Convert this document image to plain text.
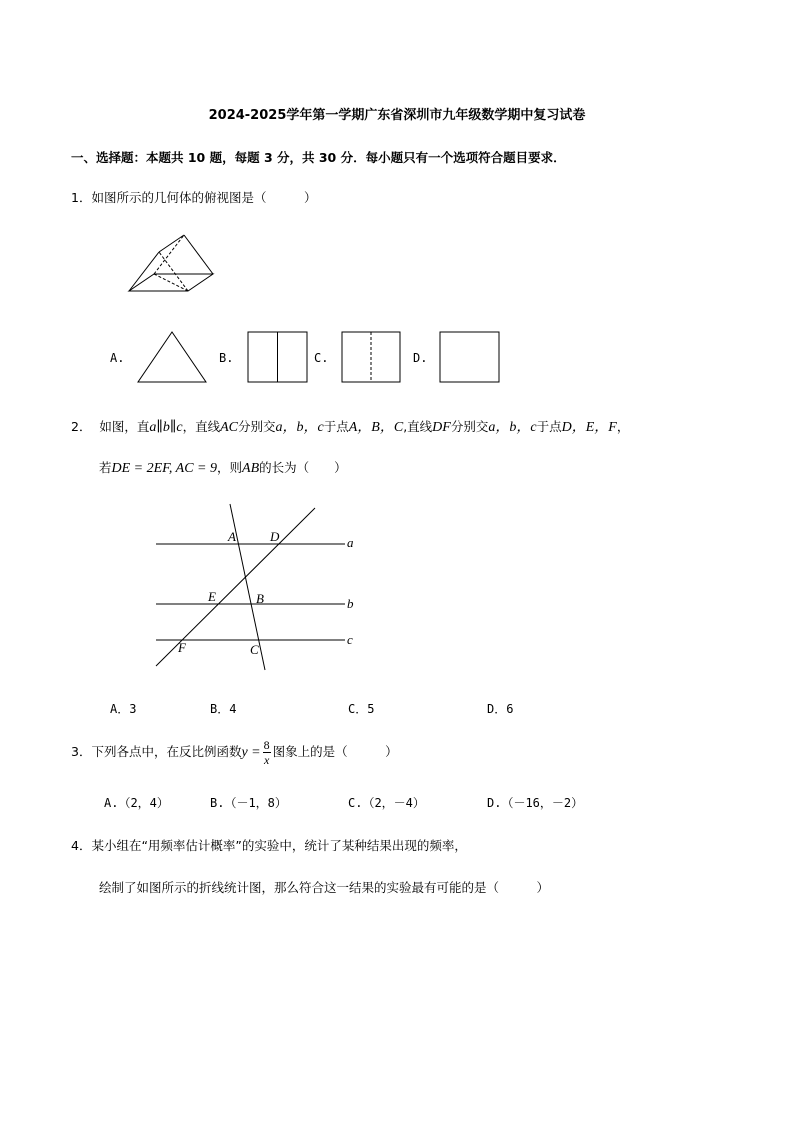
2024-2025学年第一学期广东省深圳市九年级数学期中复习试卷
一、选择题：本题共 10 题，每题 3 分，共 30 分．每小题只有一个选项符合题目要求．
1．如图所示的几何体的俯视图是（　　　）
A.	B.	C.	D.
2． 如图，直a∥b∥c，直线AC分别交a，b，c于点A，B，C,直线DF分别交a，b，c于点D，E，F，
若DE = 2EF, AC = 9，则AB的长为（　　）
A	D	a
E	B	b
F	C
c
A．3	B．4	C．5	D．6
3．下列各点中，在反比例函数$y = \frac{8}{x}$ 图象上的是（　　　）
A.（2，4）	B.（－1，8）	C.（2，－4）	D.（－16，－2）
4．某小组在“用频率估计概率”的实验中，统计了某种结果出现的频率，
绘制了如图所示的折线统计图，那么符合这一结果的实验最有可能的是（　　　）
